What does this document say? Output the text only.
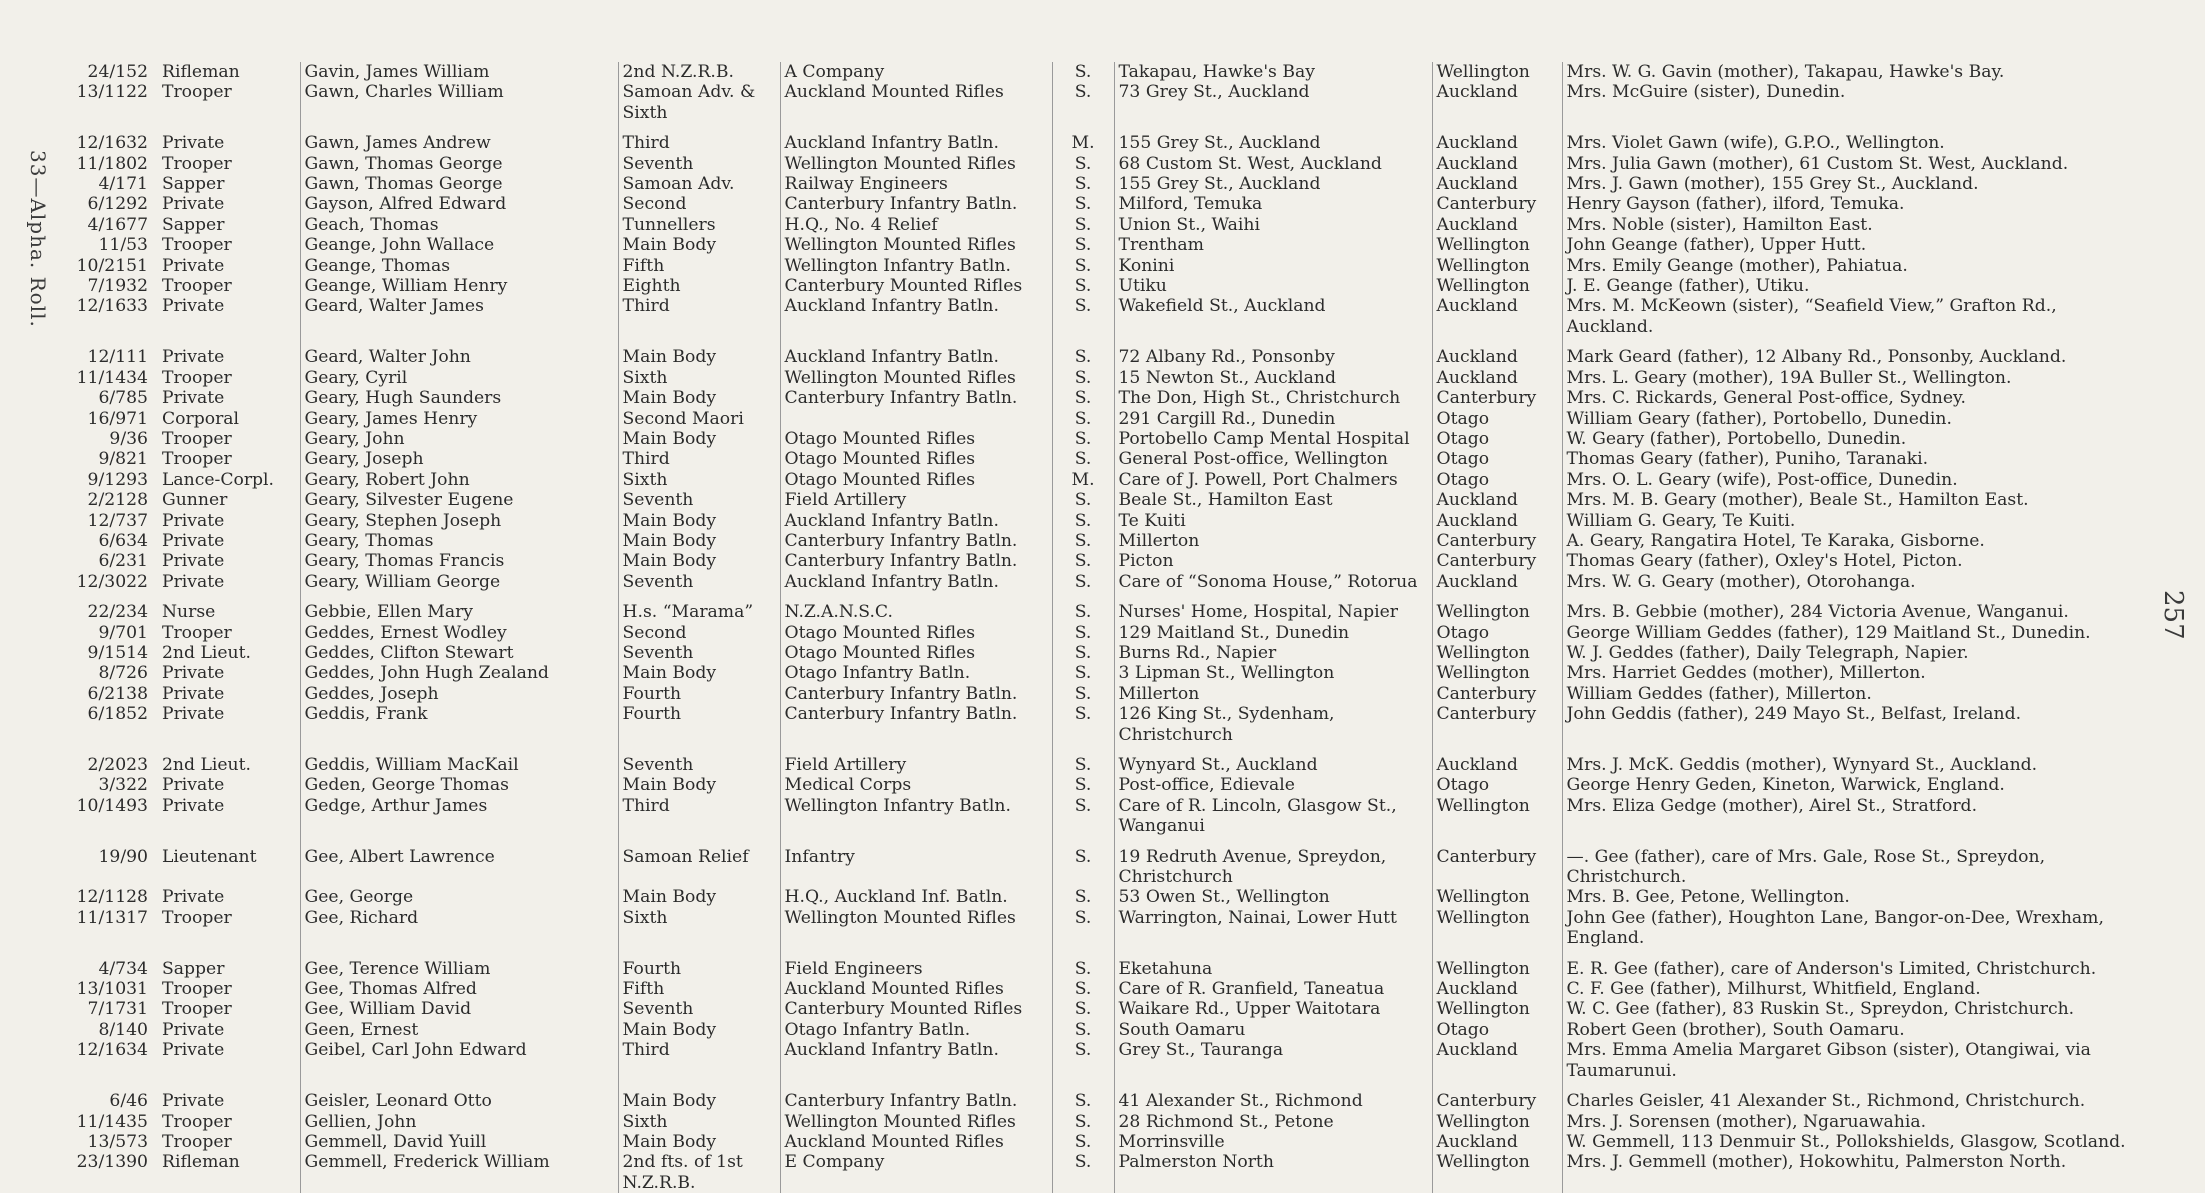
33—Alpha. Roll.
257
24/152	Rifleman	Gavin, James William	2nd N.Z.R.B.	A Company	S.	Takapau, Hawke's Bay	Wellington	Mrs. W. G. Gavin (mother), Takapau, Hawke's Bay.
13/1122	Trooper	Gawn, Charles William	Samoan Adv. & Sixth	Auckland Mounted Rifles	S.	73 Grey St., Auckland	Auckland	Mrs. McGuire (sister), Dunedin.
12/1632	Private	Gawn, James Andrew	Third	Auckland Infantry Batln.	M.	155 Grey St., Auckland	Auckland	Mrs. Violet Gawn (wife), G.P.O., Wellington.
11/1802	Trooper	Gawn, Thomas George	Seventh	Wellington Mounted Rifles	S.	68 Custom St. West, Auckland	Auckland	Mrs. Julia Gawn (mother), 61 Custom St. West, Auckland.
4/171	Sapper	Gawn, Thomas George	Samoan Adv.	Railway Engineers	S.	155 Grey St., Auckland	Auckland	Mrs. J. Gawn (mother), 155 Grey St., Auckland.
6/1292	Private	Gayson, Alfred Edward	Second	Canterbury Infantry Batln.	S.	Milford, Temuka	Canterbury	Henry Gayson (father), ilford, Temuka.
4/1677	Sapper	Geach, Thomas	Tunnellers	H.Q., No. 4 Relief	S.	Union St., Waihi	Auckland	Mrs. Noble (sister), Hamilton East.
11/53	Trooper	Geange, John Wallace	Main Body	Wellington Mounted Rifles	S.	Trentham	Wellington	John Geange (father), Upper Hutt.
10/2151	Private	Geange, Thomas	Fifth	Wellington Infantry Batln.	S.	Konini	Wellington	Mrs. Emily Geange (mother), Pahiatua.
7/1932	Trooper	Geange, William Henry	Eighth	Canterbury Mounted Rifles	S.	Utiku	Wellington	J. E. Geange (father), Utiku.
12/1633	Private	Geard, Walter James	Third	Auckland Infantry Batln.	S.	Wakefield St., Auckland	Auckland	Mrs. M. McKeown (sister), “Seafield View,” Grafton Rd., Auckland.
12/111	Private	Geard, Walter John	Main Body	Auckland Infantry Batln.	S.	72 Albany Rd., Ponsonby	Auckland	Mark Geard (father), 12 Albany Rd., Ponsonby, Auckland.
11/1434	Trooper	Geary, Cyril	Sixth	Wellington Mounted Rifles	S.	15 Newton St., Auckland	Auckland	Mrs. L. Geary (mother), 19A Buller St., Wellington.
6/785	Private	Geary, Hugh Saunders	Main Body	Canterbury Infantry Batln.	S.	The Don, High St., Christchurch	Canterbury	Mrs. C. Rickards, General Post-office, Sydney.
16/971	Corporal	Geary, James Henry	Second Maori		S.	291 Cargill Rd., Dunedin	Otago	William Geary (father), Portobello, Dunedin.
9/36	Trooper	Geary, John	Main Body	Otago Mounted Rifles	S.	Portobello Camp Mental Hospital	Otago	W. Geary (father), Portobello, Dunedin.
9/821	Trooper	Geary, Joseph	Third	Otago Mounted Rifles	S.	General Post-office, Wellington	Otago	Thomas Geary (father), Puniho, Taranaki.
9/1293	Lance-Corpl.	Geary, Robert John	Sixth	Otago Mounted Rifles	M.	Care of J. Powell, Port Chalmers	Otago	Mrs. O. L. Geary (wife), Post-office, Dunedin.
2/2128	Gunner	Geary, Silvester Eugene	Seventh	Field Artillery	S.	Beale St., Hamilton East	Auckland	Mrs. M. B. Geary (mother), Beale St., Hamilton East.
12/737	Private	Geary, Stephen Joseph	Main Body	Auckland Infantry Batln.	S.	Te Kuiti	Auckland	William G. Geary, Te Kuiti.
6/634	Private	Geary, Thomas	Main Body	Canterbury Infantry Batln.	S.	Millerton	Canterbury	A. Geary, Rangatira Hotel, Te Karaka, Gisborne.
6/231	Private	Geary, Thomas Francis	Main Body	Canterbury Infantry Batln.	S.	Picton	Canterbury	Thomas Geary (father), Oxley's Hotel, Picton.
12/3022	Private	Geary, William George	Seventh	Auckland Infantry Batln.	S.	Care of “Sonoma House,” Rotorua	Auckland	Mrs. W. G. Geary (mother), Otorohanga.
22/234	Nurse	Gebbie, Ellen Mary	H.s. “Marama”	N.Z.A.N.S.C.	S.	Nurses' Home, Hospital, Napier	Wellington	Mrs. B. Gebbie (mother), 284 Victoria Avenue, Wanganui.
9/701	Trooper	Geddes, Ernest Wodley	Second	Otago Mounted Rifles	S.	129 Maitland St., Dunedin	Otago	George William Geddes (father), 129 Maitland St., Dunedin.
9/1514	2nd Lieut.	Geddes, Clifton Stewart	Seventh	Otago Mounted Rifles	S.	Burns Rd., Napier	Wellington	W. J. Geddes (father), Daily Telegraph, Napier.
8/726	Private	Geddes, John Hugh Zealand	Main Body	Otago Infantry Batln.	S.	3 Lipman St., Wellington	Wellington	Mrs. Harriet Geddes (mother), Millerton.
6/2138	Private	Geddes, Joseph	Fourth	Canterbury Infantry Batln.	S.	Millerton	Canterbury	William Geddes (father), Millerton.
6/1852	Private	Geddis, Frank	Fourth	Canterbury Infantry Batln.	S.	126 King St., Sydenham, Christchurch	Canterbury	John Geddis (father), 249 Mayo St., Belfast, Ireland.
2/2023	2nd Lieut.	Geddis, William MacKail	Seventh	Field Artillery	S.	Wynyard St., Auckland	Auckland	Mrs. J. McK. Geddis (mother), Wynyard St., Auckland.
3/322	Private	Geden, George Thomas	Main Body	Medical Corps	S.	Post-office, Edievale	Otago	George Henry Geden, Kineton, Warwick, England.
10/1493	Private	Gedge, Arthur James	Third	Wellington Infantry Batln.	S.	Care of R. Lincoln, Glasgow St., Wanganui	Wellington	Mrs. Eliza Gedge (mother), Airel St., Stratford.
19/90	Lieutenant	Gee, Albert Lawrence	Samoan Relief	Infantry	S.	19 Redruth Avenue, Spreydon, Christchurch	Canterbury	—. Gee (father), care of Mrs. Gale, Rose St., Spreydon, Christchurch.
12/1128	Private	Gee, George	Main Body	H.Q., Auckland Inf. Batln.	S.	53 Owen St., Wellington	Wellington	Mrs. B. Gee, Petone, Wellington.
11/1317	Trooper	Gee, Richard	Sixth	Wellington Mounted Rifles	S.	Warrington, Nainai, Lower Hutt	Wellington	John Gee (father), Houghton Lane, Bangor-on-Dee, Wrexham, England.
4/734	Sapper	Gee, Terence William	Fourth	Field Engineers	S.	Eketahuna	Wellington	E. R. Gee (father), care of Anderson's Limited, Christchurch.
13/1031	Trooper	Gee, Thomas Alfred	Fifth	Auckland Mounted Rifles	S.	Care of R. Granfield, Taneatua	Auckland	C. F. Gee (father), Milhurst, Whitfield, England.
7/1731	Trooper	Gee, William David	Seventh	Canterbury Mounted Rifles	S.	Waikare Rd., Upper Waitotara	Wellington	W. C. Gee (father), 83 Ruskin St., Spreydon, Christchurch.
8/140	Private	Geen, Ernest	Main Body	Otago Infantry Batln.	S.	South Oamaru	Otago	Robert Geen (brother), South Oamaru.
12/1634	Private	Geibel, Carl John Edward	Third	Auckland Infantry Batln.	S.	Grey St., Tauranga	Auckland	Mrs. Emma Amelia Margaret Gibson (sister), Otangiwai, via Taumarunui.
6/46	Private	Geisler, Leonard Otto	Main Body	Canterbury Infantry Batln.	S.	41 Alexander St., Richmond	Canterbury	Charles Geisler, 41 Alexander St., Richmond, Christchurch.
11/1435	Trooper	Gellien, John	Sixth	Wellington Mounted Rifles	S.	28 Richmond St., Petone	Wellington	Mrs. J. Sorensen (mother), Ngaruawahia.
13/573	Trooper	Gemmell, David Yuill	Main Body	Auckland Mounted Rifles	S.	Morrinsville	Auckland	W. Gemmell, 113 Denmuir St., Pollokshields, Glasgow, Scotland.
23/1390	Rifleman	Gemmell, Frederick William	2nd fts. of 1st N.Z.R.B.	E Company	S.	Palmerston North	Wellington	Mrs. J. Gemmell (mother), Hokowhitu, Palmerston North.
